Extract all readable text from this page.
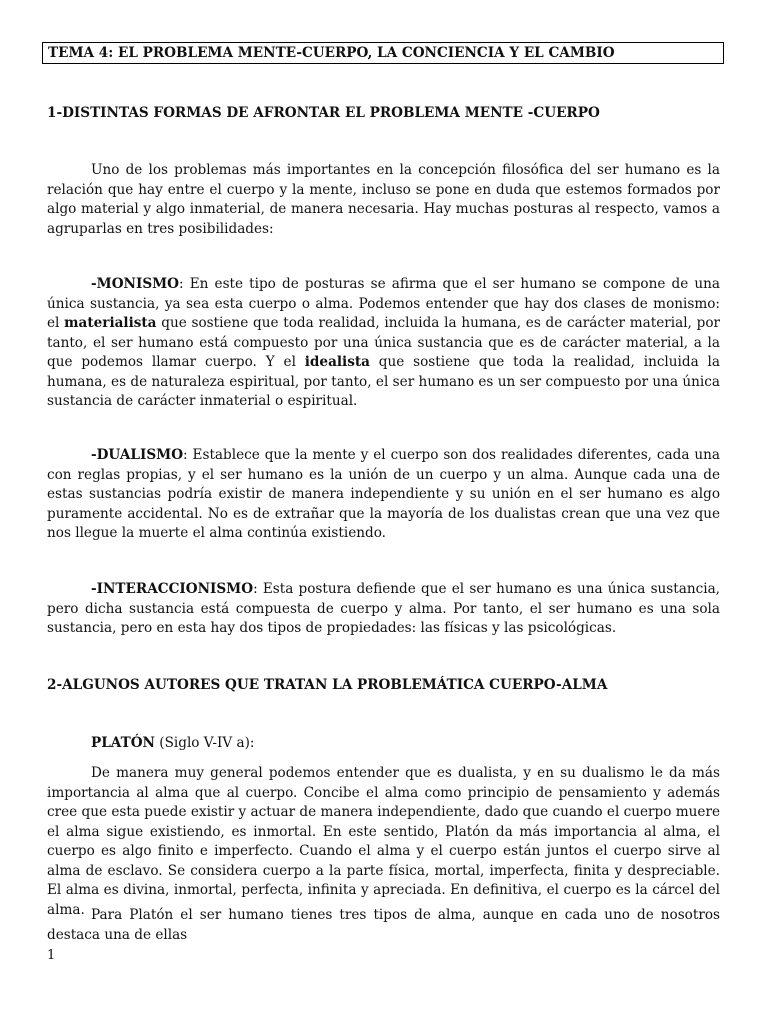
TEMA 4: EL PROBLEMA MENTE-CUERPO, LA CONCIENCIA Y EL CAMBIO
1-DISTINTAS FORMAS DE AFRONTAR EL PROBLEMA MENTE -CUERPO
Uno de los problemas más importantes en la concepción filosófica del ser humano es la relación que hay entre el cuerpo y la mente, incluso se pone en duda que estemos formados por algo material y algo inmaterial, de manera necesaria. Hay muchas posturas al respecto, vamos a agruparlas en tres posibilidades:
-MONISMO: En este tipo de posturas se afirma que el ser humano se compone de una única sustancia, ya sea esta cuerpo o alma. Podemos entender que hay dos clases de monismo: el materialista que sostiene que toda realidad, incluida la humana, es de carácter material, por tanto, el ser humano está compuesto por una única sustancia que es de carácter material, a la que podemos llamar cuerpo. Y el idealista que sostiene que toda la realidad, incluida la humana, es de naturaleza espiritual, por tanto, el ser humano es un ser compuesto por una única sustancia de carácter inmaterial o espiritual.
-DUALISMO: Establece que la mente y el cuerpo son dos realidades diferentes, cada una con reglas propias, y el ser humano es la unión de un cuerpo y un alma. Aunque cada una de estas sustancias podría existir de manera independiente y su unión en el ser humano es algo puramente accidental. No es de extrañar que la mayoría de los dualistas crean que una vez que nos llegue la muerte el alma continúa existiendo.
-INTERACCIONISMO: Esta postura defiende que el ser humano es una única sustancia, pero dicha sustancia está compuesta de cuerpo y alma. Por tanto, el ser humano es una sola sustancia, pero en esta hay dos tipos de propiedades: las físicas y las psicológicas.
2-ALGUNOS AUTORES QUE TRATAN LA PROBLEMÁTICA CUERPO-ALMA
PLATÓN (Siglo V-IV a):
De manera muy general podemos entender que es dualista, y en su dualismo le da más importancia al alma que al cuerpo. Concibe el alma como principio de pensamiento y además cree que esta puede existir y actuar de manera independiente, dado que cuando el cuerpo muere el alma sigue existiendo, es inmortal. En este sentido, Platón da más importancia al alma, el cuerpo es algo finito e imperfecto. Cuando el alma y el cuerpo están juntos el cuerpo sirve al alma de esclavo. Se considera cuerpo a la parte física, mortal, imperfecta, finita y despreciable. El alma es divina, inmortal, perfecta, infinita y apreciada. En definitiva, el cuerpo es la cárcel del alma. Para Platón el ser humano tienes tres tipos de alma, aunque en cada uno de nosotros destaca una de ellas
1
